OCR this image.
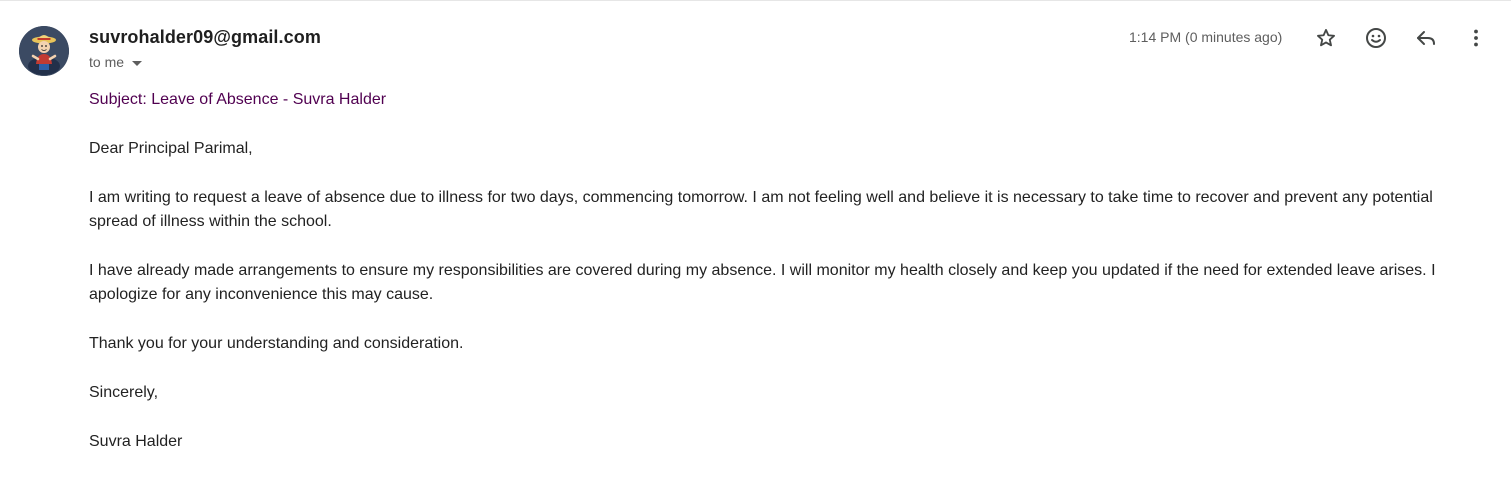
suvrohalder09@gmail.com
to me
1:14 PM (0 minutes ago)

Subject: Leave of Absence - Suvra Halder

Dear Principal Parimal,

I am writing to request a leave of absence due to illness for two days, commencing tomorrow. I am not feeling well and believe it is necessary to take time to recover and prevent any potential spread of illness within the school.

I have already made arrangements to ensure my responsibilities are covered during my absence. I will monitor my health closely and keep you updated if the need for extended leave arises. I apologize for any inconvenience this may cause.

Thank you for your understanding and consideration.

Sincerely,

Suvra Halder
